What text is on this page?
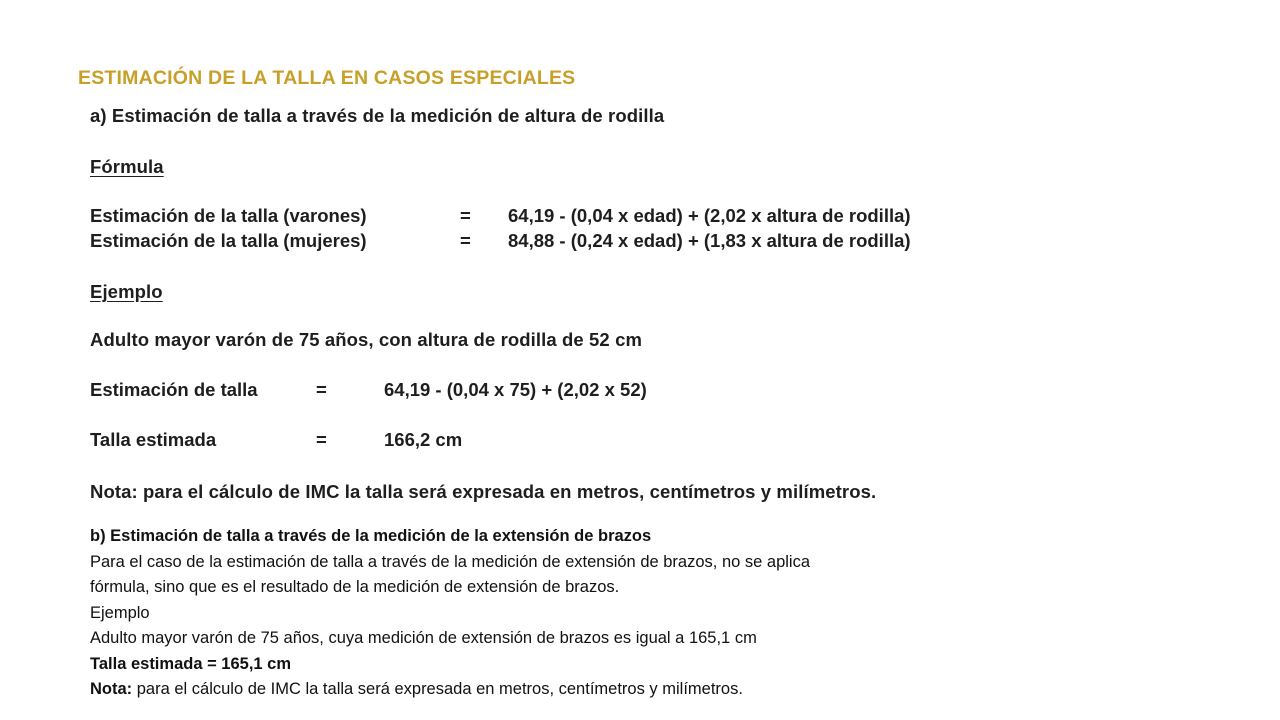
ESTIMACIÓN DE LA TALLA EN CASOS ESPECIALES
a) Estimación de talla a través de la medición de altura de rodilla
Fórmula
Estimación de la talla (varones)	= 64,19 - (0,04 x edad) + (2,02 x altura de rodilla)
Estimación de la talla (mujeres)	= 84,88 - (0,24 x edad) + (1,83 x altura de rodilla)
Ejemplo
Adulto mayor varón de 75 años, con altura de rodilla de 52 cm
Estimación de talla	=	64,19 - (0,04 x 75) + (2,02 x 52)
Talla estimada	=	166,2 cm
Nota: para el cálculo de IMC la talla será expresada en metros, centímetros y milímetros.
b) Estimación de talla a través de la medición de la extensión de brazos
Para el caso de la estimación de talla a través de la medición de extensión de brazos, no se aplica
fórmula, sino que es el resultado de la medición de extensión de brazos.
Ejemplo
Adulto mayor varón de 75 años, cuya medición de extensión de brazos es igual a 165,1 cm
Talla estimada = 165,1 cm
Nota: para el cálculo de IMC la talla será expresada en metros, centímetros y milímetros.
